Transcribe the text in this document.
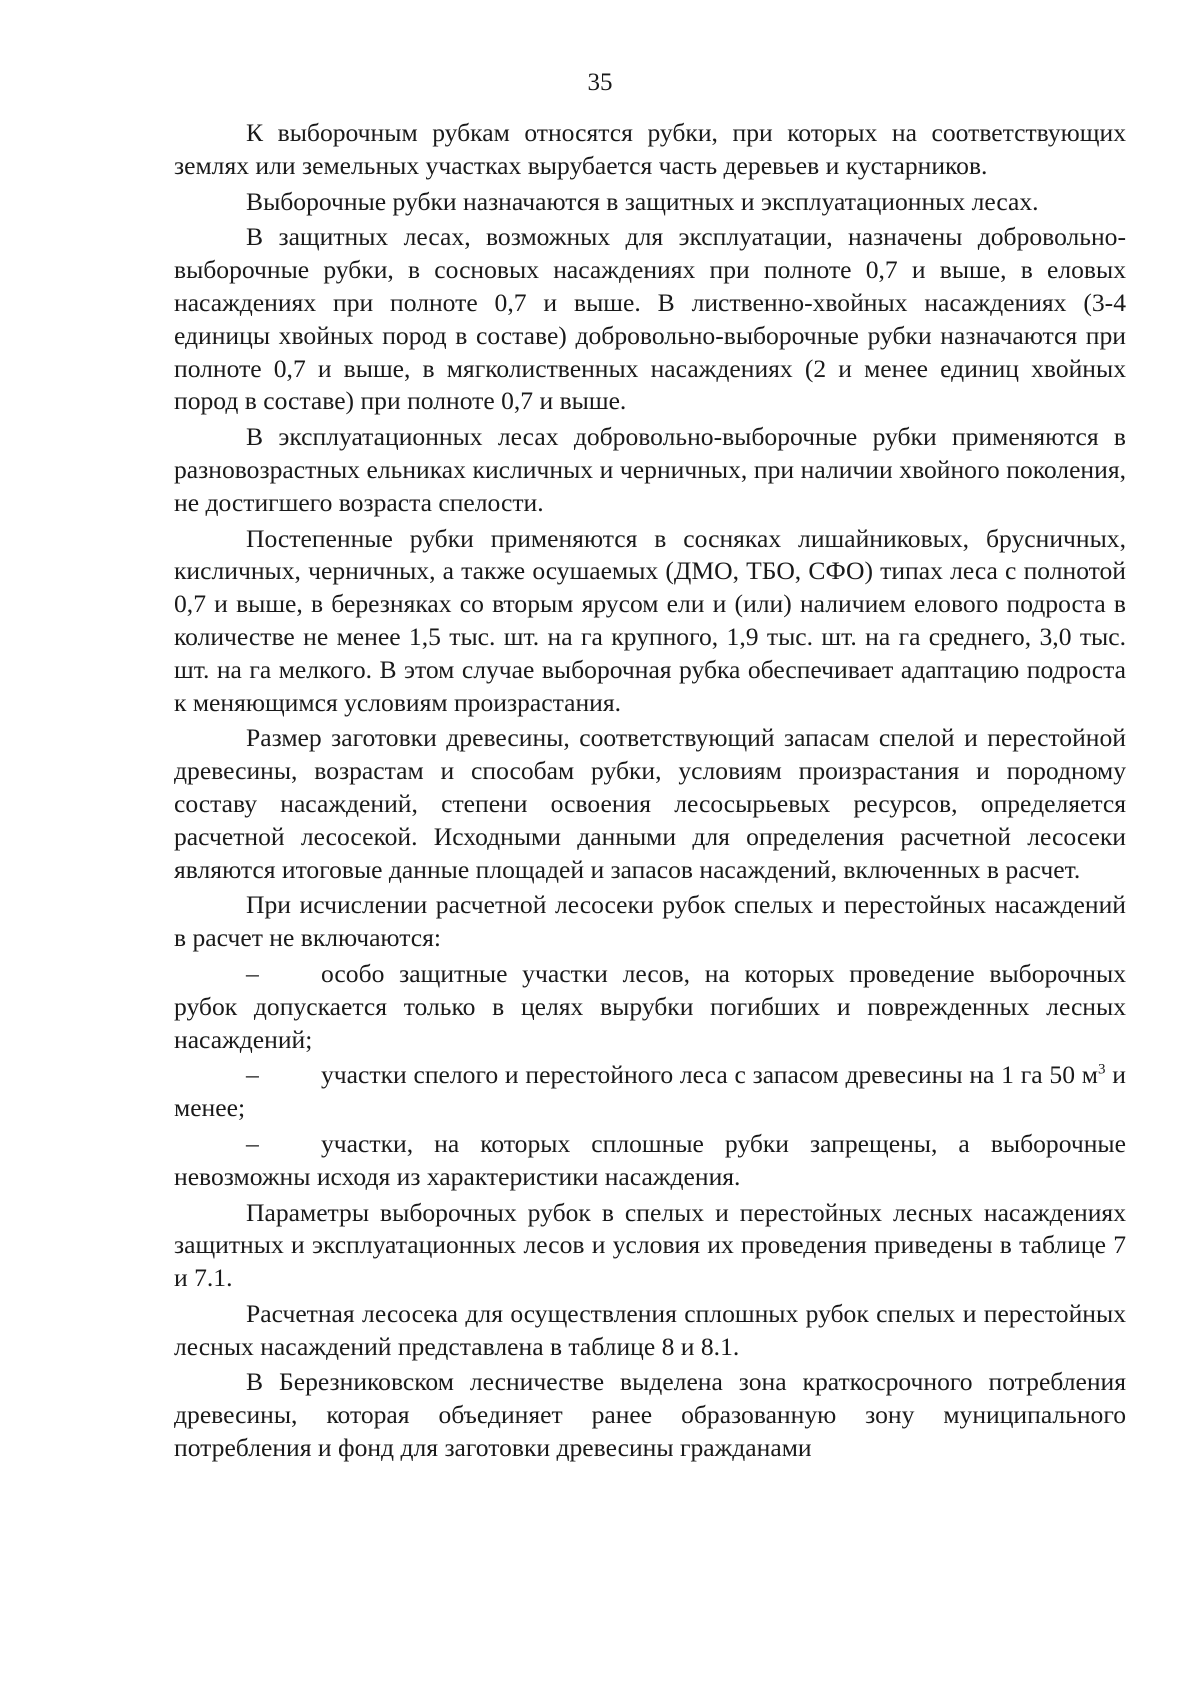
35

К выборочным рубкам относятся рубки, при которых на соответствующих землях или земельных участках вырубается часть деревьев и кустарников.

Выборочные рубки назначаются в защитных и эксплуатационных лесах.

В защитных лесах, возможных для эксплуатации, назначены добровольно-выборочные рубки, в сосновых насаждениях при полноте 0,7 и выше, в еловых насаждениях при полноте 0,7 и выше. В лиственно-хвойных насаждениях (3-4 единицы хвойных пород в составе) добровольно-выборочные рубки назначаются при полноте 0,7 и выше, в мягколиственных насаждениях (2 и менее единиц хвойных пород в составе) при полноте 0,7 и выше.

В эксплуатационных лесах добровольно-выборочные рубки применяются в разновозрастных ельниках кисличных и черничных, при наличии хвойного поколения, не достигшего возраста спелости.

Постепенные рубки применяются в сосняках лишайниковых, брусничных, кисличных, черничных, а также осушаемых (ДМО, ТБО, СФО) типах леса с полнотой 0,7 и выше, в березняках со вторым ярусом ели и (или) наличием елового подроста в количестве не менее 1,5 тыс. шт. на га крупного, 1,9 тыс. шт. на га среднего, 3,0 тыс. шт. на га мелкого. В этом случае выборочная рубка обеспечивает адаптацию подроста к меняющимся условиям произрастания.

Размер заготовки древесины, соответствующий запасам спелой и перестойной древесины, возрастам и способам рубки, условиям произрастания и породному составу насаждений, степени освоения лесосырьевых ресурсов, определяется расчетной лесосекой. Исходными данными для определения расчетной лесосеки являются итоговые данные площадей и запасов насаждений, включенных в расчет.

При исчислении расчетной лесосеки рубок спелых и перестойных насаждений в расчет не включаются:

– особо защитные участки лесов, на которых проведение выборочных рубок допускается только в целях вырубки погибших и поврежденных лесных насаждений;

– участки спелого и перестойного леса с запасом древесины на 1 га 50 $м^3$ и менее;

– участки, на которых сплошные рубки запрещены, а выборочные невозможны исходя из характеристики насаждения.

Параметры выборочных рубок в спелых и перестойных лесных насаждениях защитных и эксплуатационных лесов и условия их проведения приведены в таблице 7 и 7.1.

Расчетная лесосека для осуществления сплошных рубок спелых и перестойных лесных насаждений представлена в таблице 8 и 8.1.

В Березниковском лесничестве выделена зона краткосрочного потребления древесины, которая объединяет ранее образованную зону муниципального потребления и фонд для заготовки древесины гражданами
